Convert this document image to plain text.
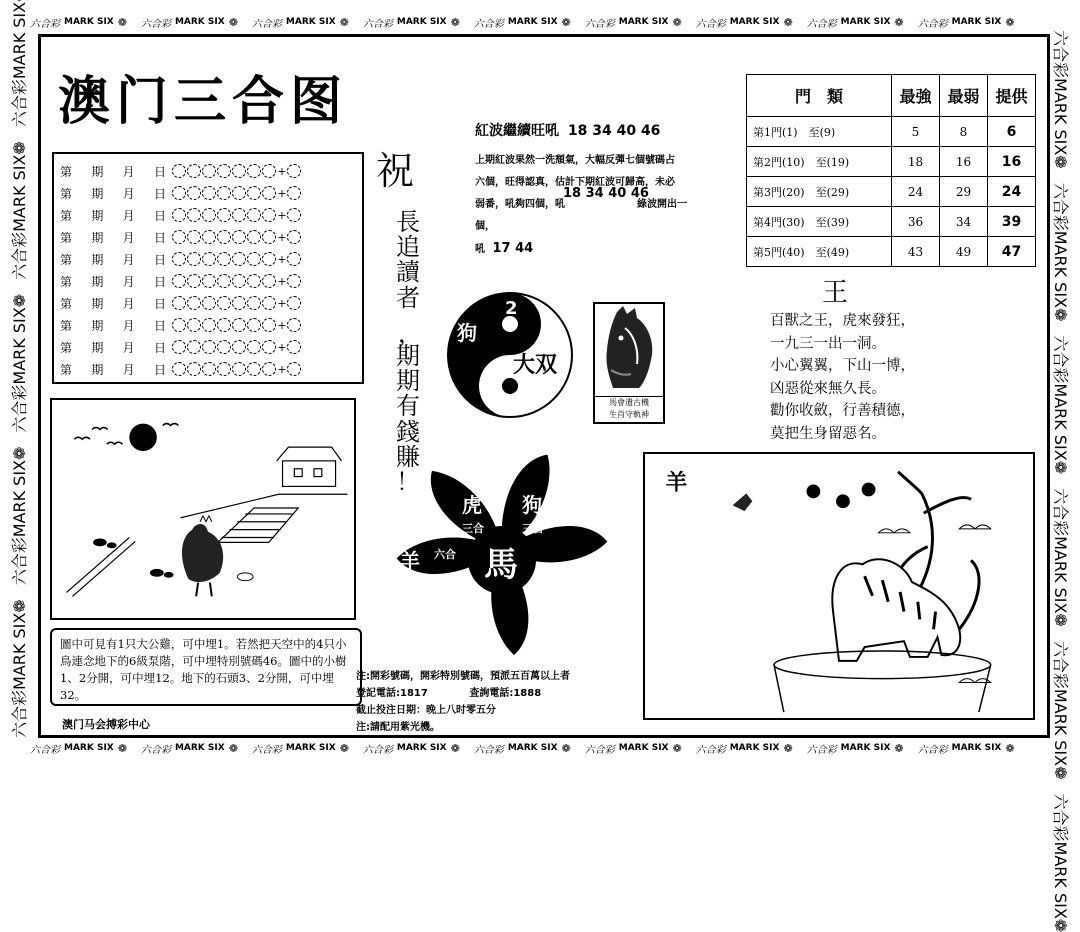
六合彩 MARK SIX ❁ 六合彩 MARK SIX ❁ 六合彩 MARK SIX ❁ 六合彩 MARK SIX ❁ 六合彩 MARK SIX ❁ 六合彩 MARK SIX ❁ 六合彩 MARK SIX ❁ 六合彩 MARK SIX ❁ 六合彩 MARK SIX ❁
六合彩 MARK SIX ❁ 六合彩 MARK SIX ❁ 六合彩 MARK SIX ❁ 六合彩 MARK SIX ❁ 六合彩 MARK SIX ❁ 六合彩 MARK SIX ❁ 六合彩 MARK SIX ❁ 六合彩 MARK SIX ❁ 六合彩 MARK SIX ❁
六合彩MARK SIX❁
六合彩MARK SIX❁
六合彩MARK SIX❁
六合彩MARK SIX❁
六合彩MARK SIX	六合彩MARK SIX❁
六合彩MARK SIX❁
六合彩MARK SIX❁
六合彩MARK SIX❁
六合彩MARK SIX❁
六合彩MARK SIX❁
澳门三合图
第 期 月 日	+
第 期 月 日	+
第 期 月 日	+
第 期 月 日	+
第 期 月 日	+
第 期 月 日	+
第 期 月 日	+
第 期 月 日	+
第 期 月 日	+
第 期 月 日	+
祝
長
追
讀
者
，
期
期
有
錢
賺
！
紅波繼續旺吼 18 34 40 46
上期紅波果然一洗頹氣，大幅反彈七個號碼占
六個，旺得認真，估計下期紅波可歸高，未必
弱番，吼夠四個，吼	綠波開出一個，
吼 17 44
18 34 40 46
門　類	最強	最弱	提供
第1門(1)　至(9)	5	8	6
第2門(10)　至(19)	18	16	16
第3門(20)　至(29)	24	29	24
第4門(30)　至(39)	36	34	39
第5門(40)　至(49)	43	49	47
王
百獸之王，虎來發狂，
一九三一出一洞。
小心翼翼，下山一博，
凶惡從來無久長。
勸你收斂，行善積德，
莫把生身留惡名。
狗
2
4
大双
馬會遺古機
生肖守軌神
虎
三合
狗
三合
羊 六合 馬	冲 鼠
羊
圖中可見有1只大公雞，可中埋1。若然把天空中的4只小鳥連念地下的6級泵階，可中埋特別號碼46。圖中的小樹1、2分開，可中埋12。地下的石頭3、2分開，可中埋32。
澳门马会搏彩中心
注:開彩號碼，開彩特別號碼，預派五百萬以上者
登記電話:1817	查詢電話:1888
截止投注日期：晚上八时零五分
注:請配用紫光機。
